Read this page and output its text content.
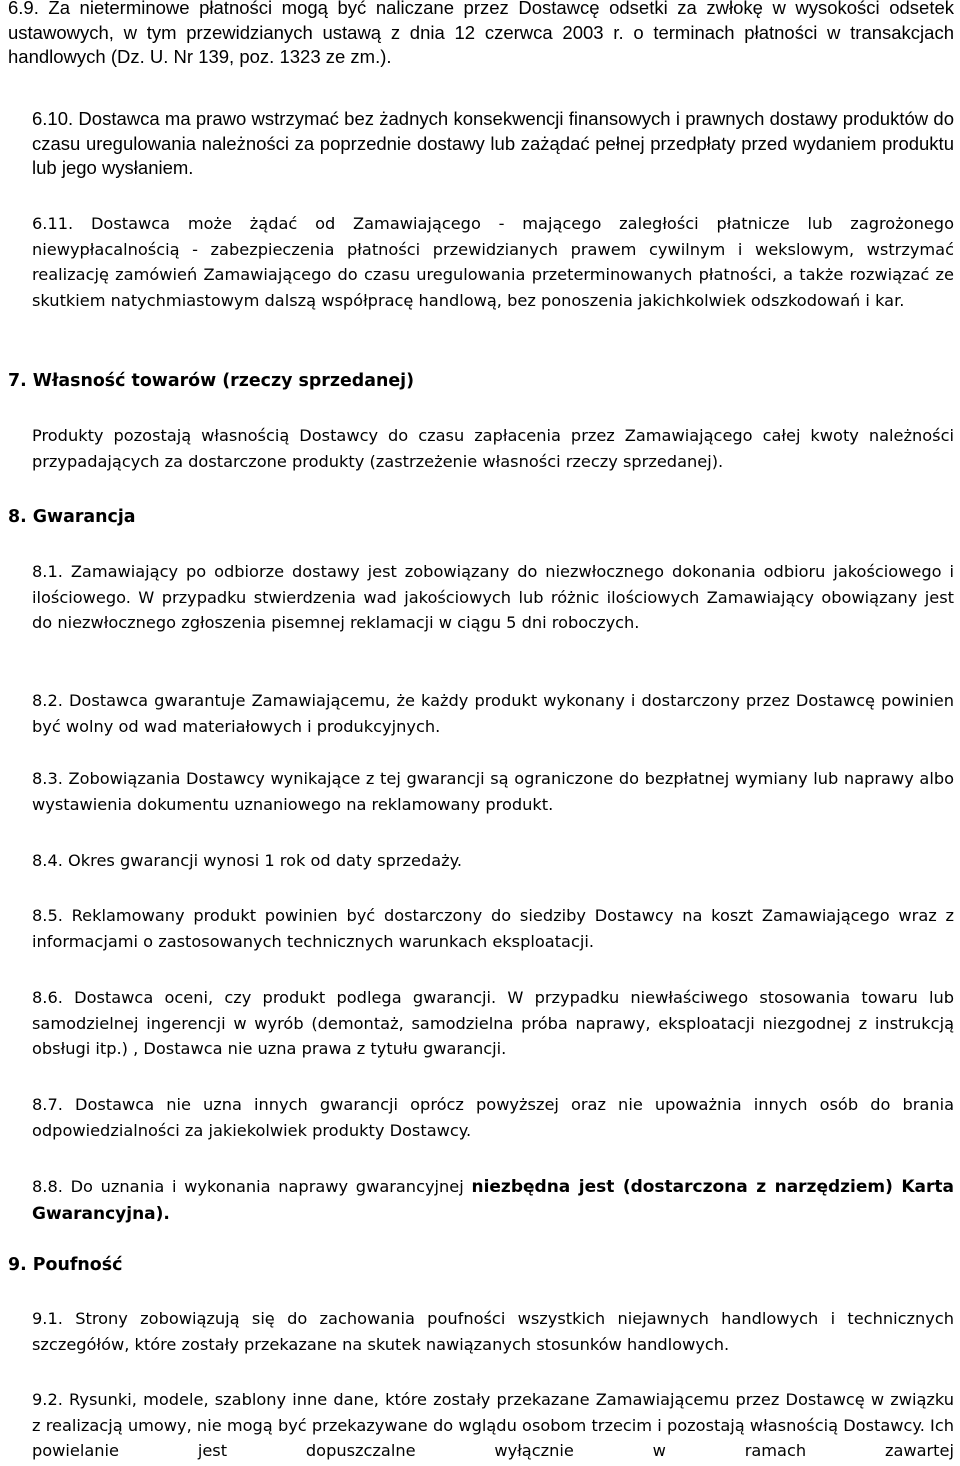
6.9. Za nieterminowe płatności mogą być naliczane przez Dostawcę odsetki za zwłokę w wysokości odsetek ustawowych, w tym przewidzianych ustawą z dnia 12 czerwca 2003 r. o terminach płatności w transakcjach handlowych (Dz. U. Nr 139, poz. 1323 ze zm.).

6.10. Dostawca ma prawo wstrzymać bez żadnych konsekwencji finansowych i prawnych dostawy produktów do czasu uregulowania należności za poprzednie dostawy lub zażądać pełnej przedpłaty przed wydaniem produktu lub jego wysłaniem.

6.11. Dostawca może żądać od Zamawiającego - mającego zaległości płatnicze lub zagrożonego niewypłacalnością - zabezpieczenia płatności przewidzianych prawem cywilnym i wekslowym, wstrzymać realizację zamówień Zamawiającego do czasu uregulowania przeterminowanych płatności, a także rozwiązać ze skutkiem natychmiastowym dalszą współpracę handlową, bez ponoszenia jakichkolwiek odszkodowań i kar.

7. Własność towarów (rzeczy sprzedanej)

Produkty pozostają własnością Dostawcy do czasu zapłacenia przez Zamawiającego całej kwoty należności przypadających za dostarczone produkty (zastrzeżenie własności rzeczy sprzedanej).

8. Gwarancja

8.1. Zamawiający po odbiorze dostawy jest zobowiązany do niezwłocznego dokonania odbioru jakościowego i ilościowego. W przypadku stwierdzenia wad jakościowych lub różnic ilościowych Zamawiający obowiązany jest do niezwłocznego zgłoszenia pisemnej reklamacji w ciągu 5 dni roboczych.

8.2. Dostawca gwarantuje Zamawiającemu, że każdy produkt wykonany i dostarczony przez Dostawcę powinien być wolny od wad materiałowych i produkcyjnych.

8.3. Zobowiązania Dostawcy wynikające z tej gwarancji są ograniczone do bezpłatnej wymiany lub naprawy albo wystawienia dokumentu uznaniowego na reklamowany produkt.

8.4. Okres gwarancji wynosi 1 rok od daty sprzedaży.

8.5. Reklamowany produkt powinien być dostarczony do siedziby Dostawcy na koszt Zamawiającego wraz z informacjami o zastosowanych technicznych warunkach eksploatacji.

8.6. Dostawca oceni, czy produkt podlega gwarancji. W przypadku niewłaściwego stosowania towaru lub samodzielnej ingerencji w wyrób (demontaż, samodzielna próba naprawy, eksploatacji niezgodnej z instrukcją obsługi itp.) , Dostawca nie uzna prawa z tytułu gwarancji.

8.7. Dostawca nie uzna innych gwarancji oprócz powyższej oraz nie upoważnia innych osób do brania odpowiedzialności za jakiekolwiek produkty Dostawcy.

8.8. Do uznania i wykonania naprawy gwarancyjnej niezbędna jest (dostarczona z narzędziem) Karta Gwarancyjna).

9. Poufność

9.1. Strony zobowiązują się do zachowania poufności wszystkich niejawnych handlowych i technicznych szczegółów, które zostały przekazane na skutek nawiązanych stosunków handlowych.

9.2. Rysunki, modele, szablony inne dane, które zostały przekazane Zamawiającemu przez Dostawcę w związku z realizacją umowy, nie mogą być przekazywane do wglądu osobom trzecim i pozostają własnością Dostawcy. Ich powielanie jest dopuszczalne wyłącznie w ramach zawartej
